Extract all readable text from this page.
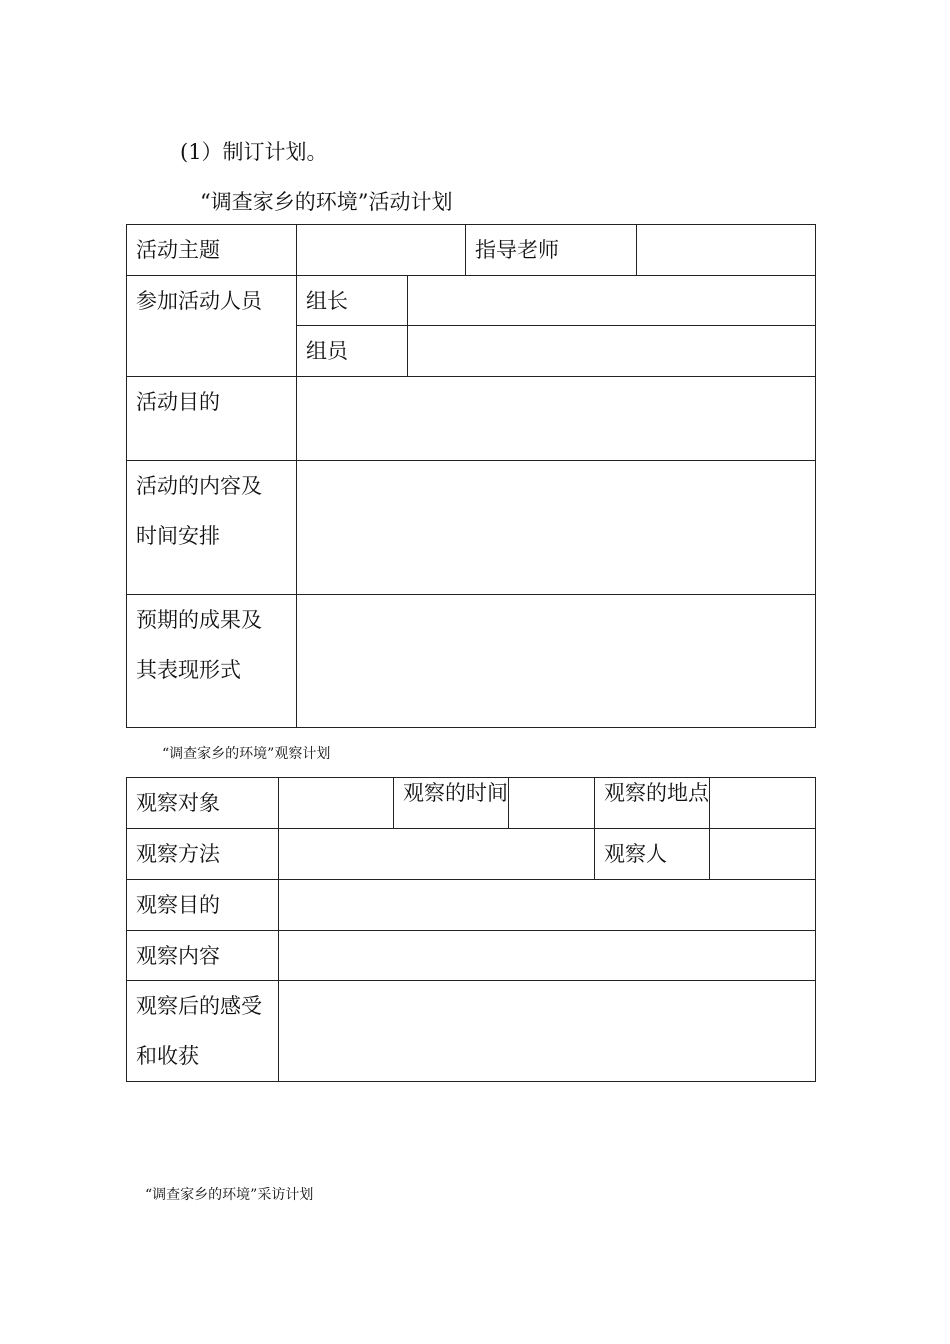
(1）制订计划。
“调查家乡的环境”活动计划
活动主题			指导老师	

参加活动人员	组长			

	组员			

活动目的				

活动的内容及
时间安排				

预期的成果及
其表现形式				

“调查家乡的环境”观察计划
观察对象		观察的时间		观察的地点	

观察方法				观察人	

观察目的					

观察内容					

观察后的感受
和收获					

“调查家乡的环境”采访计划
